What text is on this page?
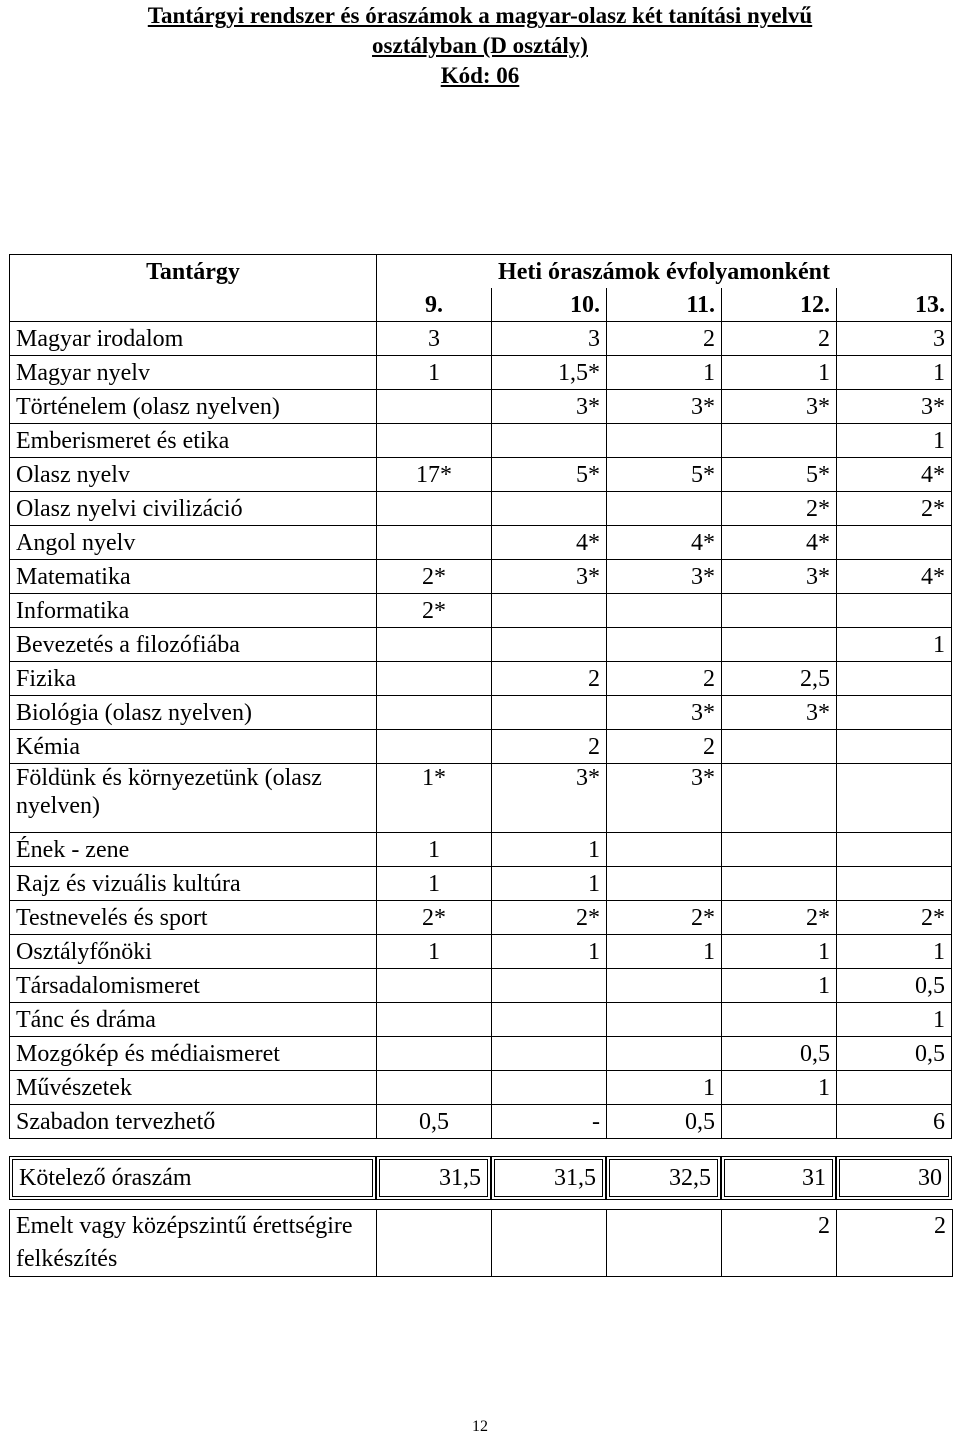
Tantárgyi rendszer és óraszámok a magyar-olasz két tanítási nyelvű
osztályban (D osztály)
Kód: 06
Tantárgy	Heti óraszámok évfolyamonként				
	9.	10.	11.	12.	13.
Magyar irodalom	3	3	2	2	3
Magyar nyelv	1	1,5*	1	1	1
Történelem (olasz nyelven)		3*	3*	3*	3*
Emberismeret és etika					1
Olasz nyelv	17*	5*	5*	5*	4*
Olasz nyelvi civilizáció				2*	2*
Angol nyelv		4*	4*	4*	
Matematika	2*	3*	3*	3*	4*
Informatika	2*				
Bevezetés a filozófiába					1
Fizika		2	2	2,5	
Biológia (olasz nyelven)			3*	3*	
Kémia		2	2		
Földünk és környezetünk (olasz nyelven)	1*	3*	3*		
Ének - zene	1	1			
Rajz és vizuális kultúra	1	1			
Testnevelés és sport	2*	2*	2*	2*	2*
Osztályfőnöki	1	1	1	1	1
Társadalomismeret				1	0,5
Tánc és dráma					1
Mozgókép és médiaismeret				0,5	0,5
Művészetek			1	1	
Szabadon tervezhető	0,5	-	0,5		6
Kötelező óraszám	31,5	31,5	32,5	31	30
Emelt vagy középszintű érettségire felkészítés				2	2
12
